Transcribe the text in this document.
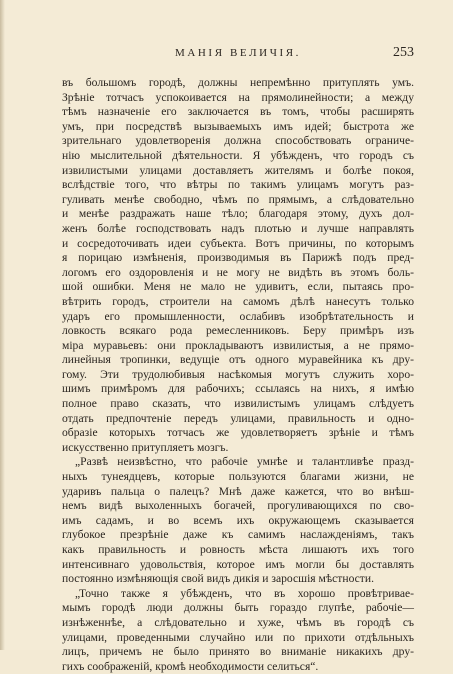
МАНІЯ ВЕЛИЧІЯ.	253
въ большомъ городѣ, должны непремѣнно притуплять умъ.
Зрѣніе тотчасъ успокоивается на прямолинейности; а между
тѣмъ назначеніе его заключается въ томъ, чтобы расширять
умъ, при посредствѣ вызываемыхъ имъ идей; быстрота же
зрительнаго удовлетворенія должна способствовать ограниче-
нію мыслительной дѣятельности. Я убѣжденъ, что городъ съ
извилистыми улицами доставляетъ жителямъ и болѣе покоя,
вслѣдствіе того, что вѣтры по такимъ улицамъ могутъ раз-
гуливать менѣе свободно, чѣмъ по прямымъ, а слѣдовательно
и менѣе раздражать наше тѣло; благодаря этому, духъ дол-
женъ болѣе господствовать надъ плотью и лучше направлять
и сосредоточивать идеи субъекта. Вотъ причины, по которымъ
я порицаю измѣненія, производимыя въ Парижѣ подъ пред-
логомъ его оздоровленія и не могу не видѣть въ этомъ боль-
шой ошибки. Меня не мало не удивитъ, если, пытаясь про-
вѣтрить городъ, строители на самомъ дѣлѣ нанесутъ только
ударъ его промышленности, ослабивъ изобрѣтательность и
ловкость всякаго рода ремесленниковъ. Беру примѣръ изъ
міра муравьевъ: они прокладываютъ извилистыя, а не прямо-
линейныя тропинки, ведущіе отъ одного муравейника къ дру-
гому. Эти трудолюбивыя насѣкомыя могутъ служить хоро-
шимъ примѣромъ для рабочихъ; ссылаясь на нихъ, я имѣю
полное право сказать, что извилистымъ улицамъ слѣдуетъ
отдать предпочтеніе передъ улицами, правильность и одно-
образіе которыхъ тотчасъ же удовлетворяетъ зрѣніе и тѣмъ
искусственно притупляетъ мозгъ.
„Развѣ неизвѣстно, что рабочіе умнѣе и талантливѣе празд-
ныхъ тунеядцевъ, которые пользуются благами жизни, не
ударивъ пальца о палецъ? Мнѣ даже кажется, что во внѣш-
немъ видѣ выхоленныхъ богачей, прогуливающихся по сво-
имъ садамъ, и во всемъ ихъ окружающемъ сказывается
глубокое презрѣніе даже къ самимъ наслажденіямъ, такъ
какъ правильность и ровность мѣста лишаютъ ихъ того
интенсивнаго удовольствія, которое имъ могли бы доставлять
постоянно измѣняющія свой видъ дикія и заросшія мѣстности.
„Точно также я убѣжденъ, что въ хорошо провѣтривае-
мымъ городѣ люди должны быть гораздо глупѣе, рабочіе—
изнѣженнѣе, а слѣдовательно и хуже, чѣмъ въ городѣ съ
улицами, проведенными случайно или по прихоти отдѣльныхъ
лицъ, причемъ не было принято во вниманіе никакихъ дру-
гихъ соображеній, кромѣ необходимости селиться“.
